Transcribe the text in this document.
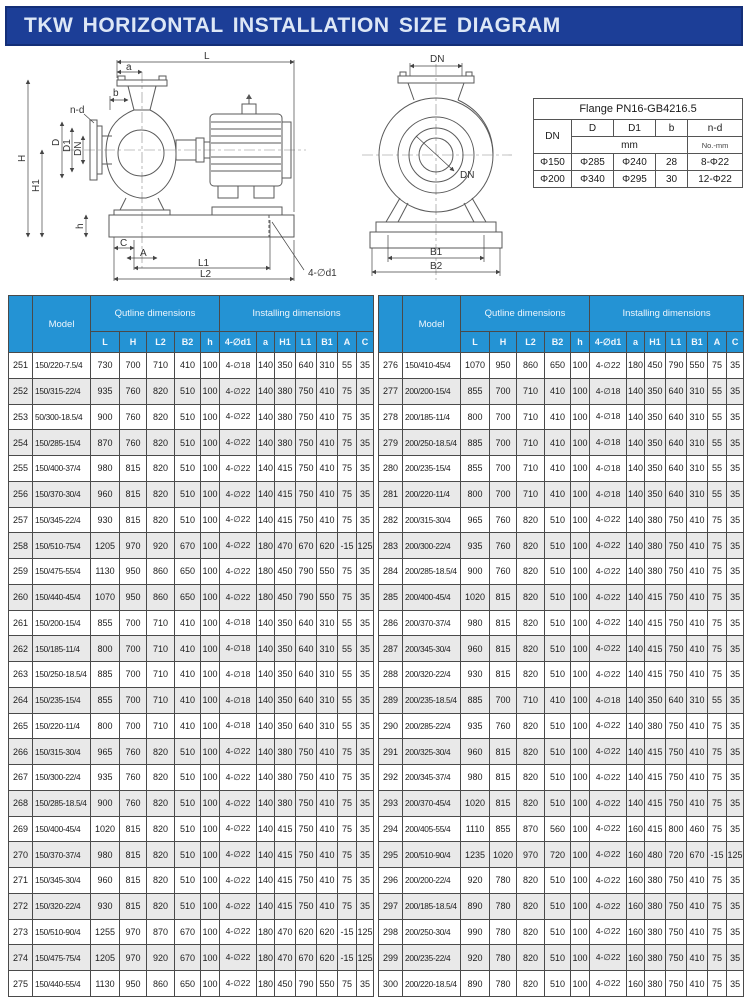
TKW HORIZONTAL INSTALLATION SIZE DIAGRAM
L
a
b
n-d
H
H1
D D1 DN
h
C
A
L1
L2	4-∅d1
DN
DN
B1
B2
Flange PN16-GB4216.5				
DN	D	D1	b	n-d
	mm			No.-mm
Φ150	Φ285	Φ240	28	8-Φ22
Φ200	Φ340	Φ295	30	12-Φ22
	Model	Qutline dimensions					Installing dimensions						
		L	H	L2	B2	h	4-∅d1	a	H1	L1	B1	A	C
251	150/220-7.5/4	730	700	710	410	100	4-∅18	140	350	640	310	55	35
252	150/315-22/4	935	760	820	510	100	4-∅22	140	380	750	410	75	35
253	50/300-18.5/4	900	760	820	510	100	4-∅22	140	380	750	410	75	35
254	150/285-15/4	870	760	820	510	100	4-∅22	140	380	750	410	75	35
255	150/400-37/4	980	815	820	510	100	4-∅22	140	415	750	410	75	35
256	150/370-30/4	960	815	820	510	100	4-∅22	140	415	750	410	75	35
257	150/345-22/4	930	815	820	510	100	4-∅22	140	415	750	410	75	35
258	150/510-75/4	1205	970	920	670	100	4-∅22	180	470	670	620	-15	125
259	150/475-55/4	1130	950	860	650	100	4-∅22	180	450	790	550	75	35
260	150/440-45/4	1070	950	860	650	100	4-∅22	180	450	790	550	75	35
261	150/200-15/4	855	700	710	410	100	4-∅18	140	350	640	310	55	35
262	150/185-11/4	800	700	710	410	100	4-∅18	140	350	640	310	55	35
263	150/250-18.5/4	885	700	710	410	100	4-∅18	140	350	640	310	55	35
264	150/235-15/4	855	700	710	410	100	4-∅18	140	350	640	310	55	35
265	150/220-11/4	800	700	710	410	100	4-∅18	140	350	640	310	55	35
266	150/315-30/4	965	760	820	510	100	4-∅22	140	380	750	410	75	35
267	150/300-22/4	935	760	820	510	100	4-∅22	140	380	750	410	75	35
268	150/285-18.5/4	900	760	820	510	100	4-∅22	140	380	750	410	75	35
269	150/400-45/4	1020	815	820	510	100	4-∅22	140	415	750	410	75	35
270	150/370-37/4	980	815	820	510	100	4-∅22	140	415	750	410	75	35
271	150/345-30/4	960	815	820	510	100	4-∅22	140	415	750	410	75	35
272	150/320-22/4	930	815	820	510	100	4-∅22	140	415	750	410	75	35
273	150/510-90/4	1255	970	870	670	100	4-∅22	180	470	620	620	-15	125
274	150/475-75/4	1205	970	920	670	100	4-∅22	180	470	670	620	-15	125
275	150/440-55/4	1130	950	860	650	100	4-∅22	180	450	790	550	75	35
	Model	Qutline dimensions					Installing dimensions						
		L	H	L2	B2	h	4-∅d1	a	H1	L1	B1	A	C
276	150/410-45/4	1070	950	860	650	100	4-∅22	180	450	790	550	75	35
277	200/200-15/4	855	700	710	410	100	4-∅18	140	350	640	310	55	35
278	200/185-11/4	800	700	710	410	100	4-∅18	140	350	640	310	55	35
279	200/250-18.5/4	885	700	710	410	100	4-∅18	140	350	640	310	55	35
280	200/235-15/4	855	700	710	410	100	4-∅18	140	350	640	310	55	35
281	200/220-11/4	800	700	710	410	100	4-∅18	140	350	640	310	55	35
282	200/315-30/4	965	760	820	510	100	4-∅22	140	380	750	410	75	35
283	200/300-22/4	935	760	820	510	100	4-∅22	140	380	750	410	75	35
284	200/285-18.5/4	900	760	820	510	100	4-∅22	140	380	750	410	75	35
285	200/400-45/4	1020	815	820	510	100	4-∅22	140	415	750	410	75	35
286	200/370-37/4	980	815	820	510	100	4-∅22	140	415	750	410	75	35
287	200/345-30/4	960	815	820	510	100	4-∅22	140	415	750	410	75	35
288	200/320-22/4	930	815	820	510	100	4-∅22	140	415	750	410	75	35
289	200/235-18.5/4	885	700	710	410	100	4-∅18	140	350	640	310	55	35
290	200/285-22/4	935	760	820	510	100	4-∅22	140	380	750	410	75	35
291	200/325-30/4	960	815	820	510	100	4-∅22	140	415	750	410	75	35
292	200/345-37/4	980	815	820	510	100	4-∅22	140	415	750	410	75	35
293	200/370-45/4	1020	815	820	510	100	4-∅22	140	415	750	410	75	35
294	200/405-55/4	1110	855	870	560	100	4-∅22	160	415	800	460	75	35
295	200/510-90/4	1235	1020	970	720	100	4-∅22	160	480	720	670	-15	125
296	200/200-22/4	920	780	820	510	100	4-∅22	160	380	750	410	75	35
297	200/185-18.5/4	890	780	820	510	100	4-∅22	160	380	750	410	75	35
298	200/250-30/4	990	780	820	510	100	4-∅22	160	380	750	410	75	35
299	200/235-22/4	920	780	820	510	100	4-∅22	160	380	750	410	75	35
300	200/220-18.5/4	890	780	820	510	100	4-∅22	160	380	750	410	75	35
